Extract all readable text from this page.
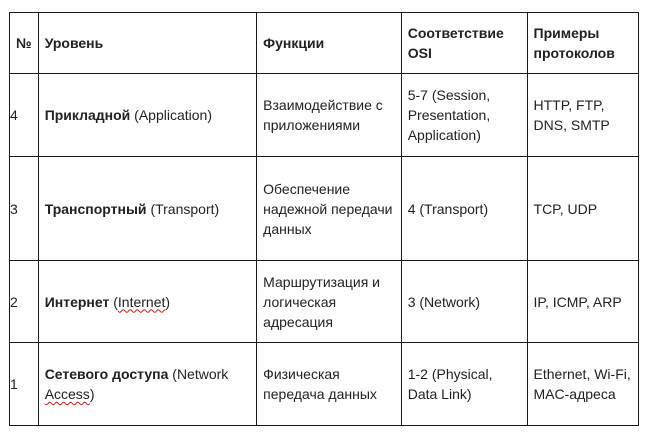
№	Уровень	Функции	Соответствие OSI	Примеры протоколов
4	Прикладной (Application)	Взаимодействие с приложениями	5-7 (Session, Presentation, Application)	HTTP, FTP, DNS, SMTP
3	Транспортный (Transport)	Обеспечение надежной передачи данных	4 (Transport)	TCP, UDP
2	Интернет (Internet)	Маршрутизация и логическая адресация	3 (Network)	IP, ICMP, ARP
1	Сетевого доступа (Network Access)	Физическая передача данных	1-2 (Physical, Data Link)	Ethernet, Wi-Fi, MAC-адреса
